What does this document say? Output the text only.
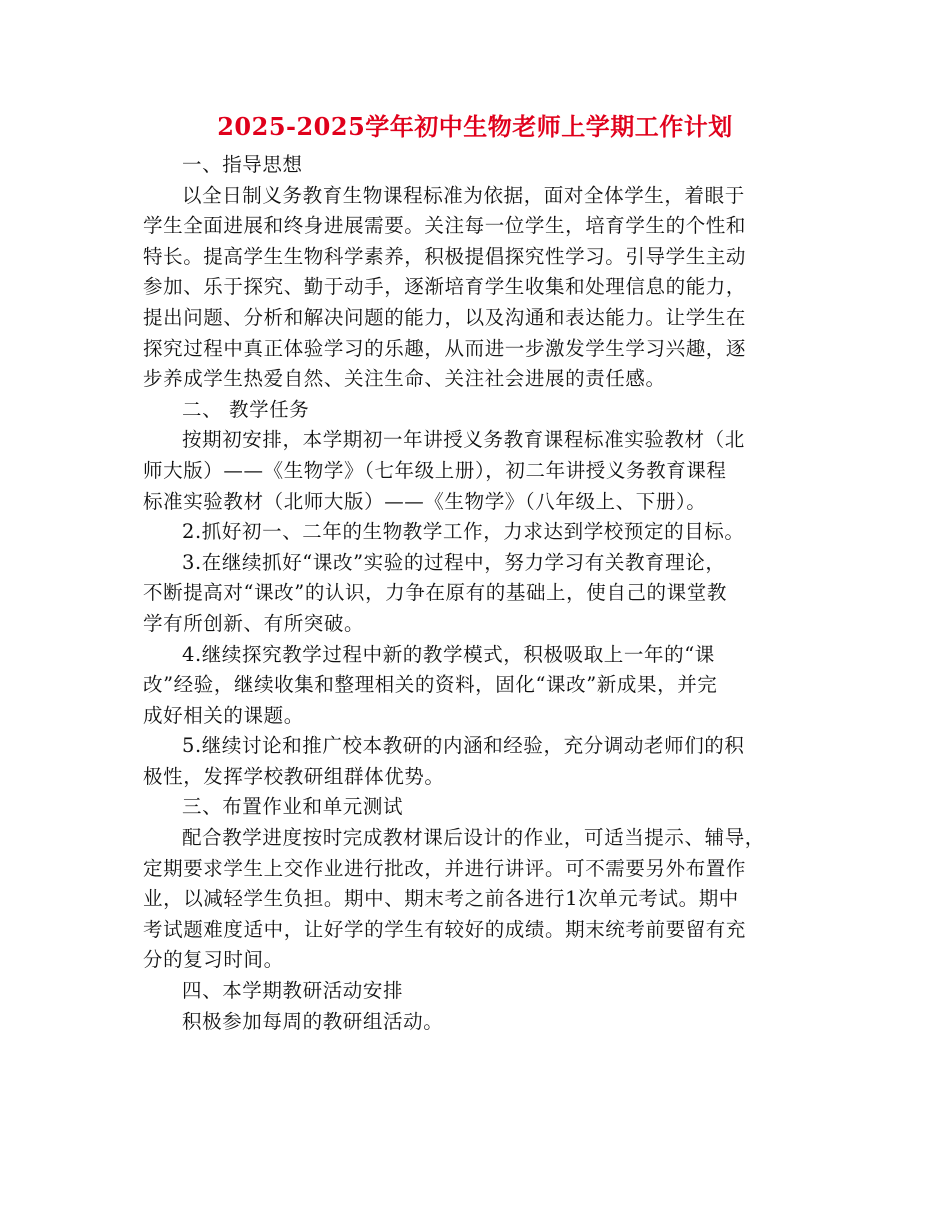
2025-2025学年初中生物老师上学期工作计划
一、指导思想
以全日制义务教育生物课程标准为依据，面对全体学生，着眼于
学生全面进展和终身进展需要。关注每一位学生，培育学生的个性和
特长。提高学生生物科学素养，积极提倡探究性学习。引导学生主动
参加、乐于探究、勤于动手，逐渐培育学生收集和处理信息的能力，
提出问题、分析和解决问题的能力，以及沟通和表达能力。让学生在
探究过程中真正体验学习的乐趣，从而进一步激发学生学习兴趣，逐
步养成学生热爱自然、关注生命、关注社会进展的责任感。
二、 教学任务
按期初安排，本学期初一年讲授义务教育课程标准实验教材（北
师大版）——《生物学》（七年级上册），初二年讲授义务教育课程
标准实验教材（北师大版）——《生物学》（八年级上、下册）。
2.抓好初一、二年的生物教学工作，力求达到学校预定的目标。
3.在继续抓好“课改”实验的过程中，努力学习有关教育理论，
不断提高对“课改”的认识，力争在原有的基础上，使自己的课堂教
学有所创新、有所突破。
4.继续探究教学过程中新的教学模式，积极吸取上一年的“课
改”经验，继续收集和整理相关的资料，固化“课改”新成果，并完
成好相关的课题。
5.继续讨论和推广校本教研的内涵和经验，充分调动老师们的积
极性，发挥学校教研组群体优势。
三、布置作业和单元测试
配合教学进度按时完成教材课后设计的作业，可适当提示、辅导，
定期要求学生上交作业进行批改，并进行讲评。可不需要另外布置作
业，以减轻学生负担。期中、期末考之前各进行1次单元考试。期中
考试题难度适中，让好学的学生有较好的成绩。期末统考前要留有充
分的复习时间。
四、本学期教研活动安排
积极参加每周的教研组活动。
